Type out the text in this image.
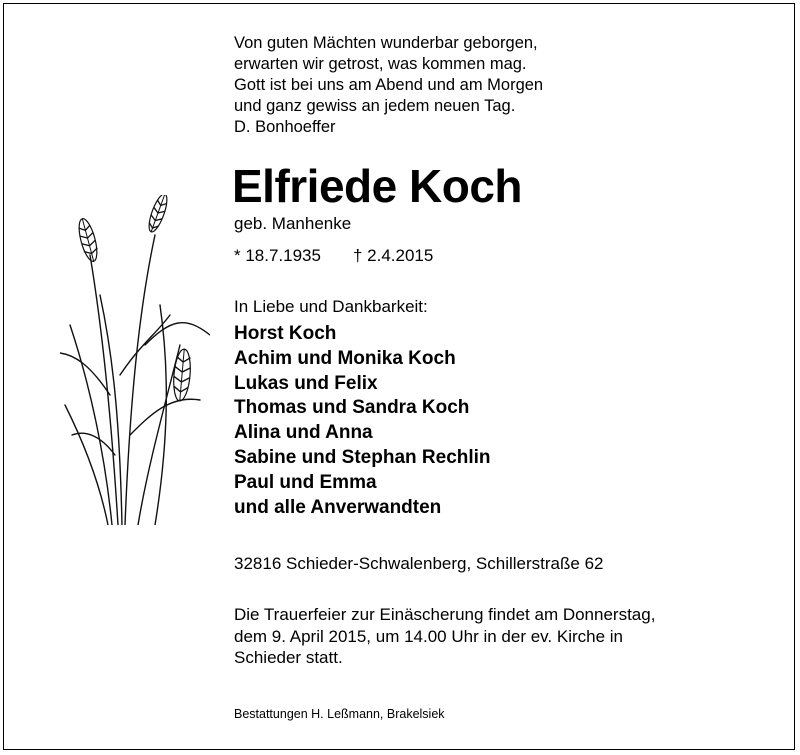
Von guten Mächten wunderbar geborgen,
erwarten wir getrost, was kommen mag.
Gott ist bei uns am Abend und am Morgen
und ganz gewiss an jedem neuen Tag.
D. Bonhoeffer
Elfriede Koch
geb. Manhenke
* 18.7.1935 † 2.4.2015
In Liebe und Dankbarkeit:
Horst Koch
Achim und Monika Koch
Lukas und Felix
Thomas und Sandra Koch
Alina und Anna
Sabine und Stephan Rechlin
Paul und Emma
und alle Anverwandten
32816 Schieder-Schwalenberg, Schillerstraße 62
Die Trauerfeier zur Einäscherung findet am Donnerstag,
dem 9. April 2015, um 14.00 Uhr in der ev. Kirche in
Schieder statt.
Bestattungen H. Leßmann, Brakelsiek
